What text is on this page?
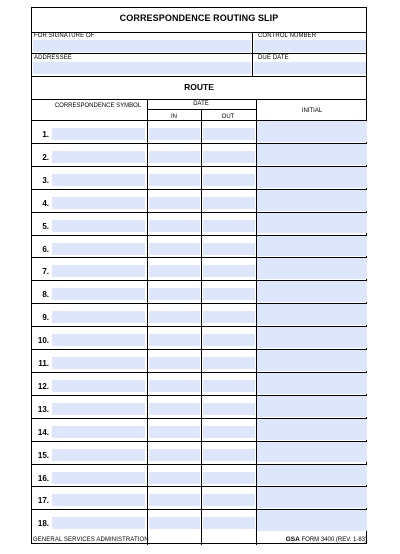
CORRESPONDENCE ROUTING SLIP
FOR SIGNATURE OF	CONTROL NUMBER
ADDRESSEE	DUE DATE
ROUTE
CORRESPONDENCE SYMBOL	DATE
IN	OUT
INITIAL
1.
2.
3.
4.
5.
6.
7.
8.
9.
10.
11.
12.
13.
14.
15.
16.
17.
18.
GENERAL SERVICES ADMINISTRATION	GSA FORM 3400 (REV. 1-83)
